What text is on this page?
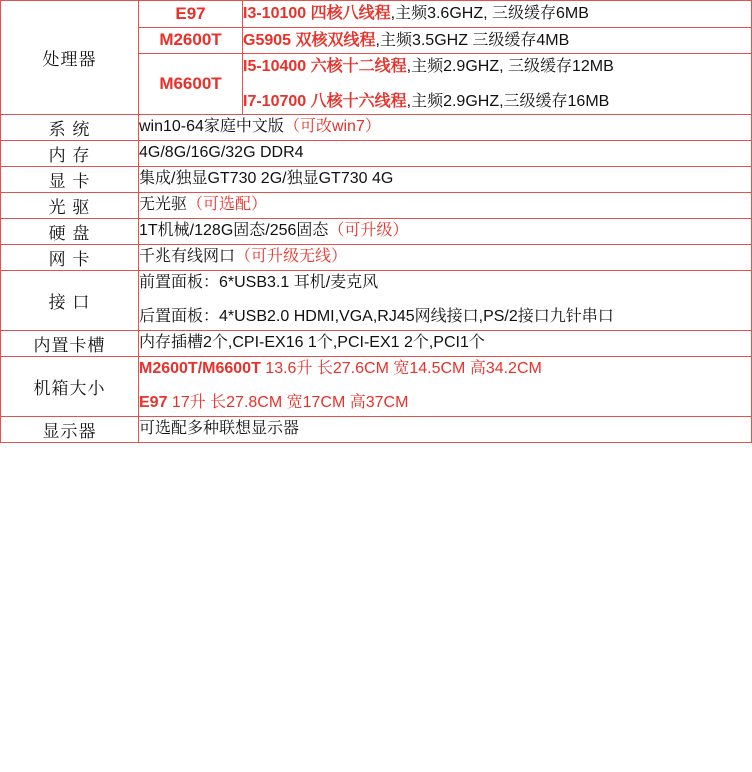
处理器	E97	I3-10100 四核八线程,主频3.6GHZ, 三级缓存6MB
	M2600T	G5905 双核双线程,主频3.5GHZ 三级缓存4MB
	M6600T	I5-10400 六核十二线程,主频2.9GHZ, 三级缓存12MB
I7-10700 八核十六线程,主频2.9GHZ,三级缓存16MB

系 统	win10-64家庭中文版（可改win7）	
内 存	4G/8G/16G/32G DDR4	
显 卡	集成/独显GT730 2G/独显GT730 4G	
光 驱	无光驱（可选配）	
硬 盘	1T机械/128G固态/256固态（可升级）	
网 卡	千兆有线网口（可升级无线）	
接 口	前置面板：6*USB3.1 耳机/麦克风
后置面板：4*USB2.0 HDMI,VGA,RJ45网线接口,PS/2接口九针串口	

内置卡槽	内存插槽2个,CPI-EX16 1个,PCI-EX1 2个,PCI1个	
机箱大小	M2600T/M6600T 13.6升 长27.6CM 宽14.5CM 高34.2CM
E97 17升 长27.8CM 宽17CM 高37CM	

显示器	可选配多种联想显示器	
